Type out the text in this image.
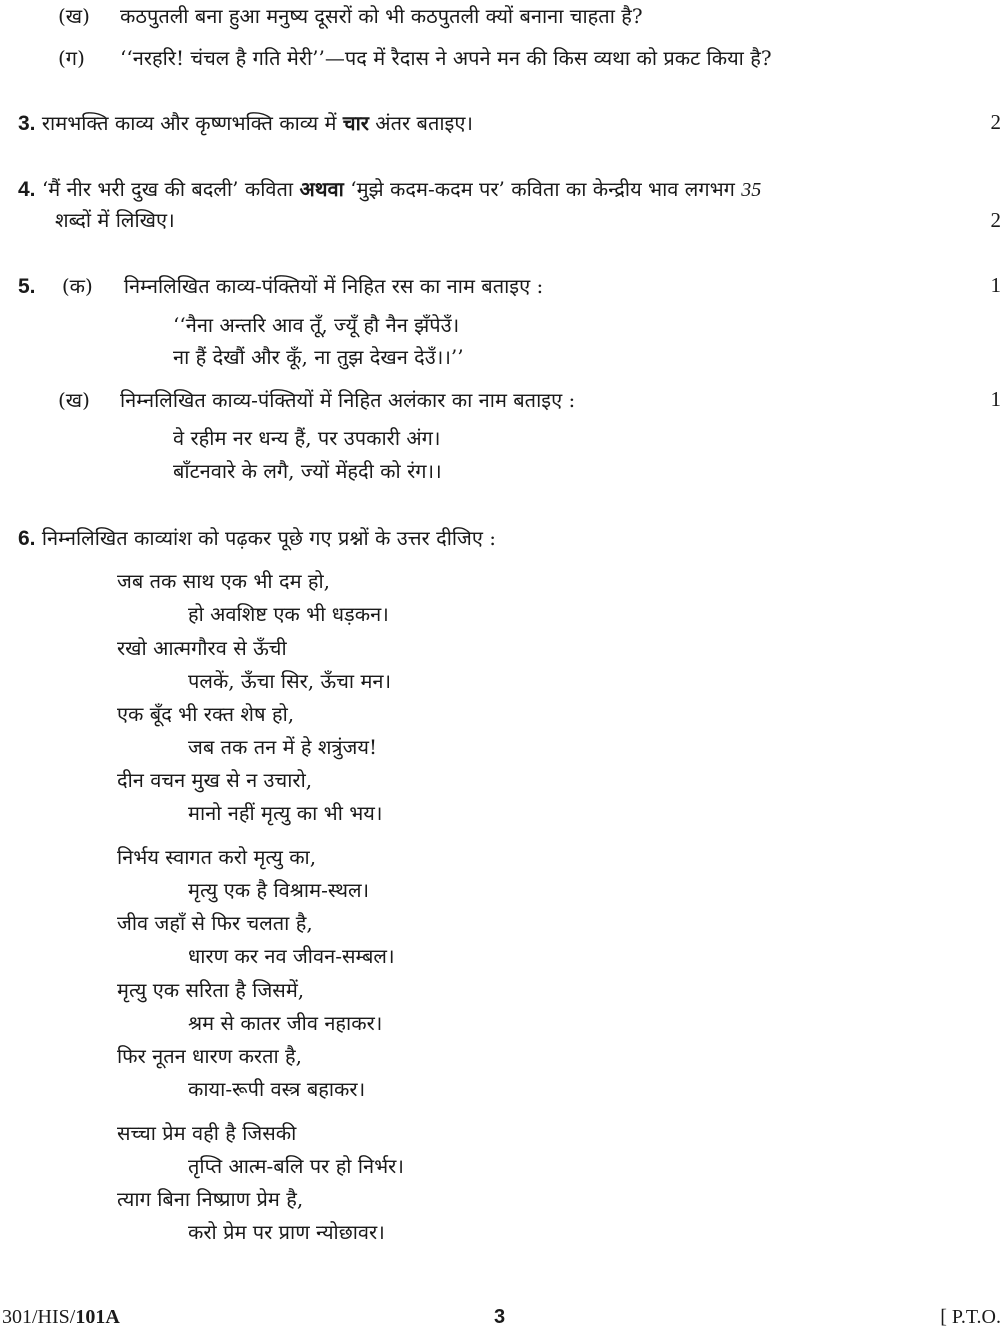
(ख) कठपुतली बना हुआ मनुष्य दूसरों को भी कठपुतली क्यों बनाना चाहता है?
(ग) ‘‘नरहरि! चंचल है गति मेरी’’—पद में रैदास ने अपने मन की किस व्यथा को प्रकट किया है?
3. रामभक्ति काव्य और कृष्णभक्ति काव्य में चार अंतर बताइए।	2
4. ‘मैं नीर भरी दुख की बदली’ कविता अथवा ‘मुझे कदम-कदम पर’ कविता का केन्द्रीय भाव लगभग 35
शब्दों में लिखिए।	2
5. (क) निम्नलिखित काव्य-पंक्तियों में निहित रस का नाम बताइए :	1
‘‘नैना अन्तरि आव तूँ, ज्यूँ हौ नैन झँपेउँ।
ना हैं देखौं और कूँ, ना तुझ देखन देउँ।।’’
(ख) निम्नलिखित काव्य-पंक्तियों में निहित अलंकार का नाम बताइए :	1
वे रहीम नर धन्य हैं, पर उपकारी अंग।
बाँटनवारे के लगै, ज्यों मेंहदी को रंग।।
6. निम्नलिखित काव्यांश को पढ़कर पूछे गए प्रश्नों के उत्तर दीजिए :
जब तक साथ एक भी दम हो,
हो अवशिष्ट एक भी धड़कन।
रखो आत्मगौरव से ऊँची
पलकें, ऊँचा सिर, ऊँचा मन।
एक बूँद भी रक्त शेष हो,
जब तक तन में हे शत्रुंजय!
दीन वचन मुख से न उचारो,
मानो नहीं मृत्यु का भी भय।
निर्भय स्वागत करो मृत्यु का,
मृत्यु एक है विश्राम-स्थल।
जीव जहाँ से फिर चलता है,
धारण कर नव जीवन-सम्बल।
मृत्यु एक सरिता है जिसमें,
श्रम से कातर जीव नहाकर।
फिर नूतन धारण करता है,
काया-रूपी वस्त्र बहाकर।
सच्चा प्रेम वही है जिसकी
तृप्ति आत्म-बलि पर हो निर्भर।
त्याग बिना निष्प्राण प्रेम है,
करो प्रेम पर प्राण न्योछावर।
301/HIS/101A	3	[ P.T.O.
